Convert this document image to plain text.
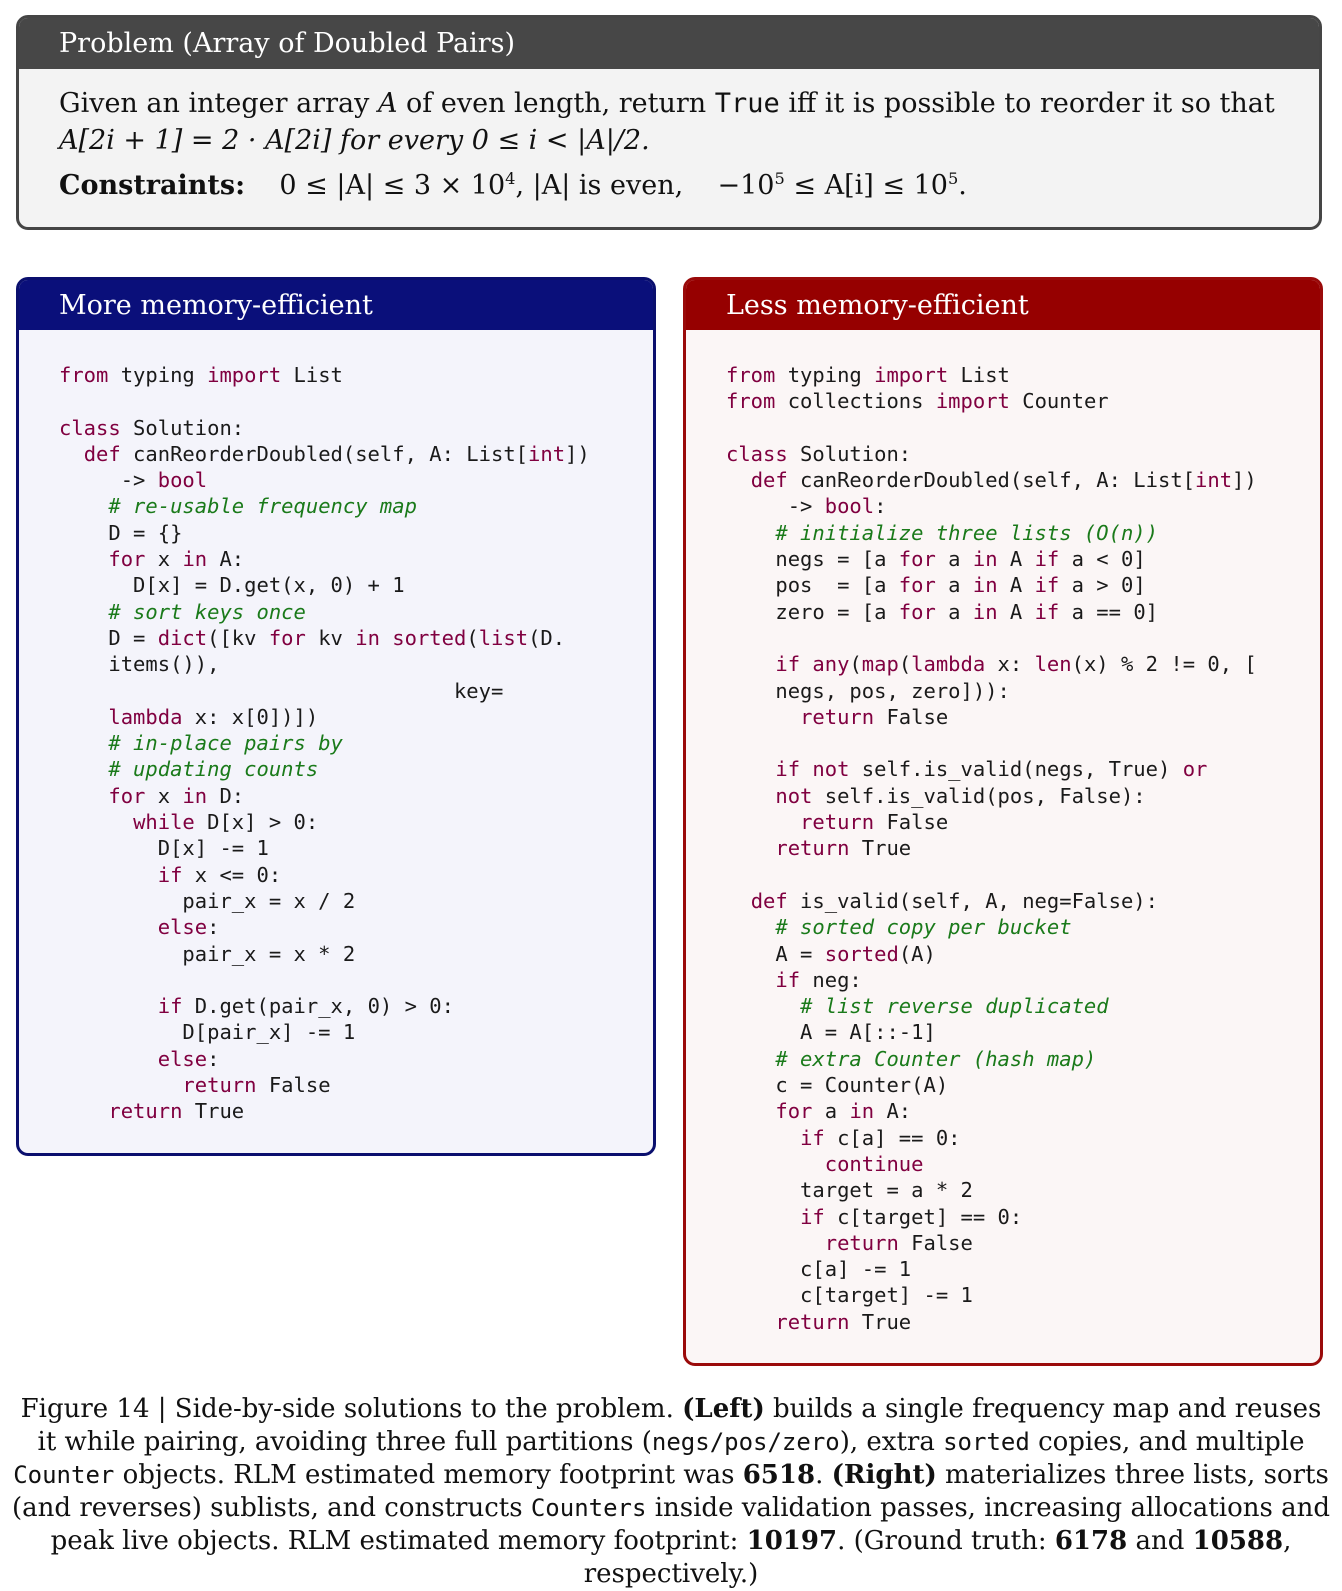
Problem (Array of Doubled Pairs)
Given an integer array A of even length, return True iff it is possible to reorder it so that
A[2i + 1] = 2 · A[2i] for every 0 ≤ i < |A|/2.
Constraints: $0 \le |A| \le 3 \times 10^4$, |A| is even,    $-10^5 \le A[i] \le 10^5$.
More memory-efficient
from typing import List

class Solution:
def canReorderDoubled(self, A: List[int])
-> bool
# re-usable frequency map
D = {}
for x in A:
D[x] = D.get(x, 0) + 1
# sort keys once
D = dict([kv for kv in sorted(list(D.
items()),
key=
lambda x: x[0])])
# in-place pairs by
# updating counts
for x in D:
while D[x] > 0:
D[x] -= 1
if x <= 0:
pair_x = x / 2
else:
pair_x = x * 2

if D.get(pair_x, 0) > 0:
D[pair_x] -= 1
else:
return False
return True
Less memory-efficient
from typing import List
from collections import Counter

class Solution:
def canReorderDoubled(self, A: List[int])
-> bool:
# initialize three lists (O(n))
negs = [a for a in A if a < 0]
pos  = [a for a in A if a > 0]
zero = [a for a in A if a == 0]

if any(map(lambda x: len(x) % 2 != 0, [
negs, pos, zero])):
return False

if not self.is_valid(negs, True) or
not self.is_valid(pos, False):
return False
return True

def is_valid(self, A, neg=False):
# sorted copy per bucket
A = sorted(A)
if neg:
# list reverse duplicated
A = A[::-1]
# extra Counter (hash map)
c = Counter(A)
for a in A:
if c[a] == 0:
continue
target = a * 2
if c[target] == 0:
return False
c[a] -= 1
c[target] -= 1
return True
Figure 14 | Side-by-side solutions to the problem. (Left) builds a single frequency map and reuses it while pairing, avoiding three full partitions (negs/pos/zero), extra sorted copies, and multiple Counter objects. RLM estimated memory footprint was 6518. (Right) materializes three lists, sorts (and reverses) sublists, and constructs Counters inside validation passes, increasing allocations and peak live objects. RLM estimated memory footprint: 10197. (Ground truth: 6178 and 10588, respectively.)
